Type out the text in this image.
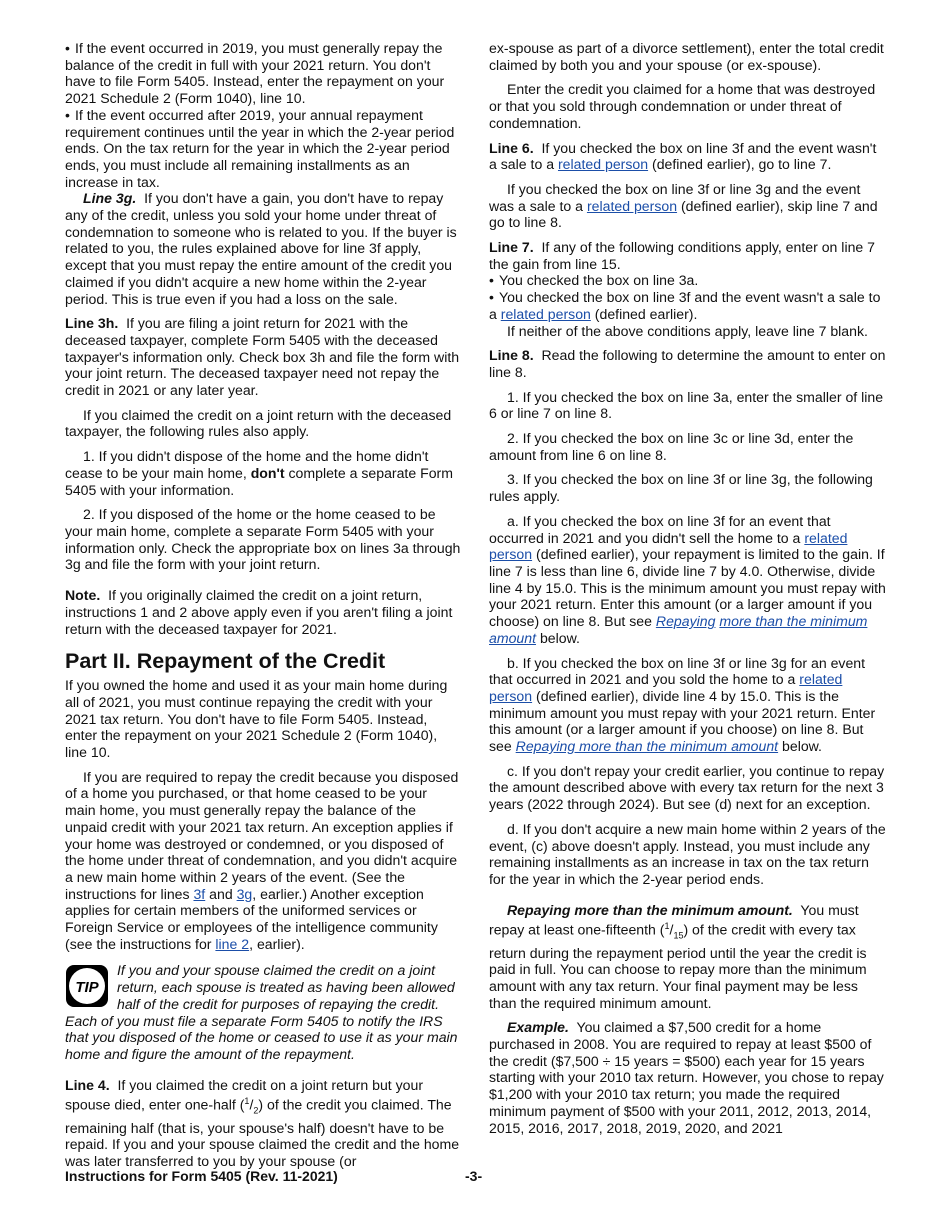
• If the event occurred in 2019, you must generally repay the balance of the credit in full with your 2021 return. You don't have to file Form 5405. Instead, enter the repayment on your 2021 Schedule 2 (Form 1040), line 10.

• If the event occurred after 2019, your annual repayment requirement continues until the year in which the 2-year period ends. On the tax return for the year in which the 2-year period ends, you must include all remaining installments as an increase in tax.

Line 3g. If you don't have a gain, you don't have to repay any of the credit, unless you sold your home under threat of condemnation to someone who is related to you. If the buyer is related to you, the rules explained above for line 3f apply, except that you must repay the entire amount of the credit you claimed if you didn't acquire a new home within the 2-year period. This is true even if you had a loss on the sale.

Line 3h. If you are filing a joint return for 2021 with the deceased taxpayer, complete Form 5405 with the deceased taxpayer's information only. Check box 3h and file the form with your joint return. The deceased taxpayer need not repay the credit in 2021 or any later year.

If you claimed the credit on a joint return with the deceased taxpayer, the following rules also apply.

1. If you didn't dispose of the home and the home didn't cease to be your main home, don't complete a separate Form 5405 with your information.

2. If you disposed of the home or the home ceased to be your main home, complete a separate Form 5405 with your information only. Check the appropriate box on lines 3a through 3g and file the form with your joint return.

Note. If you originally claimed the credit on a joint return, instructions 1 and 2 above apply even if you aren't filing a joint return with the deceased taxpayer for 2021.

Part II. Repayment of the Credit

If you owned the home and used it as your main home during all of 2021, you must continue repaying the credit with your 2021 tax return. You don't have to file Form 5405. Instead, enter the repayment on your 2021 Schedule 2 (Form 1040), line 10.

If you are required to repay the credit because you disposed of a home you purchased, or that home ceased to be your main home, you must generally repay the balance of the unpaid credit with your 2021 tax return. An exception applies if your home was destroyed or condemned, or you disposed of the home under threat of condemnation, and you didn't acquire a new main home within 2 years of the event. (See the instructions for lines 3f and 3g, earlier.) Another exception applies for certain members of the uniformed services or Foreign Service or employees of the intelligence community (see the instructions for line 2, earlier).

TIP
If you and your spouse claimed the credit on a joint return, each spouse is treated as having been allowed half of the credit for purposes of repaying the credit. Each of you must file a separate Form 5405 to notify the IRS that you disposed of the home or ceased to use it as your main home and figure the amount of the repayment.

Line 4. If you claimed the credit on a joint return but your spouse died, enter one-half $(^1/_2)$ of the credit you claimed. The remaining half (that is, your spouse's half) doesn't have to be repaid. If you and your spouse claimed the credit and the home was later transferred to you by your spouse (or

ex-spouse as part of a divorce settlement), enter the total credit claimed by both you and your spouse (or ex-spouse).

Enter the credit you claimed for a home that was destroyed or that you sold through condemnation or under threat of condemnation.

Line 6. If you checked the box on line 3f and the event wasn't a sale to a related person (defined earlier), go to line 7.

If you checked the box on line 3f or line 3g and the event was a sale to a related person (defined earlier), skip line 7 and go to line 8.

Line 7. If any of the following conditions apply, enter on line 7 the gain from line 15.

• You checked the box on line 3a.

• You checked the box on line 3f and the event wasn't a sale to a related person (defined earlier).

If neither of the above conditions apply, leave line 7 blank.

Line 8. Read the following to determine the amount to enter on line 8.

1. If you checked the box on line 3a, enter the smaller of line 6 or line 7 on line 8.

2. If you checked the box on line 3c or line 3d, enter the amount from line 6 on line 8.

3. If you checked the box on line 3f or line 3g, the following rules apply.

a. If you checked the box on line 3f for an event that occurred in 2021 and you didn't sell the home to a related person (defined earlier), your repayment is limited to the gain. If line 7 is less than line 6, divide line 7 by 4.0. Otherwise, divide line 4 by 15.0. This is the minimum amount you must repay with your 2021 return. Enter this amount (or a larger amount if you choose) on line 8. But see Repaying more than the minimum amount below.

b. If you checked the box on line 3f or line 3g for an event that occurred in 2021 and you sold the home to a related person (defined earlier), divide line 4 by 15.0. This is the minimum amount you must repay with your 2021 return. Enter this amount (or a larger amount if you choose) on line 8. But see Repaying more than the minimum amount below.

c. If you don't repay your credit earlier, you continue to repay the amount described above with every tax return for the next 3 years (2022 through 2024). But see (d) next for an exception.

d. If you don't acquire a new main home within 2 years of the event, (c) above doesn't apply. Instead, you must include any remaining installments as an increase in tax on the tax return for the year in which the 2-year period ends.

Repaying more than the minimum amount. You must repay at least one-fifteenth $(^1/_{15})$ of the credit with every tax return during the repayment period until the year the credit is paid in full. You can choose to repay more than the minimum amount with any tax return. Your final payment may be less than the required minimum amount.

Example. You claimed a $7,500 credit for a home purchased in 2008. You are required to repay at least $500 of the credit ($7,500 ÷ 15 years = $500) each year for 15 years starting with your 2010 tax return. However, you chose to repay $1,200 with your 2010 tax return; you made the required minimum payment of $500 with your 2011, 2012, 2013, 2014, 2015, 2016, 2017, 2018, 2019, 2020, and 2021

Instructions for Form 5405 (Rev. 11-2021)	-3-
